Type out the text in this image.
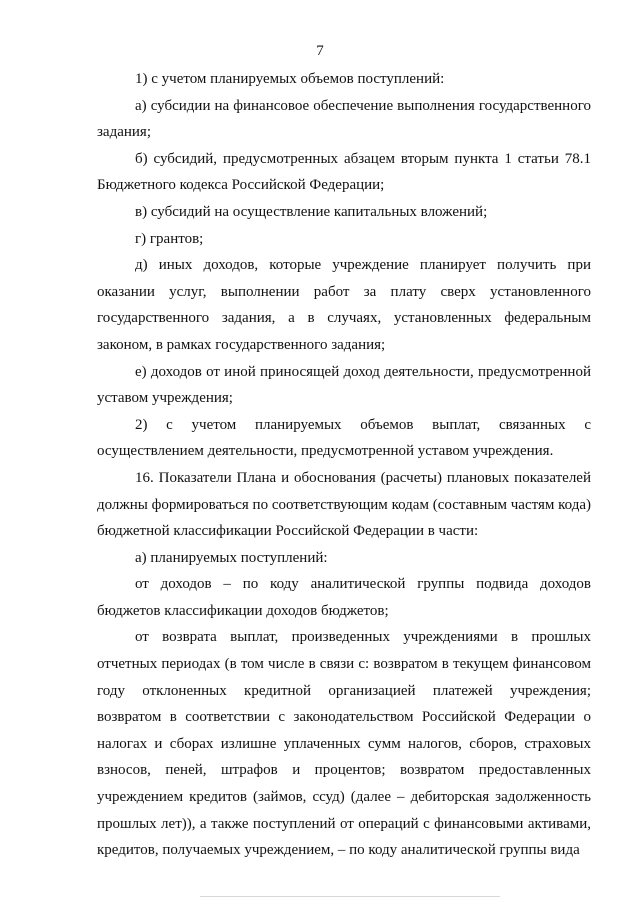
7

1) с учетом планируемых объемов поступлений:

а) субсидии на финансовое обеспечение выполнения государственного задания;

б) субсидий, предусмотренных абзацем вторым пункта 1 статьи 78.1 Бюджетного кодекса Российской Федерации;

в) субсидий на осуществление капитальных вложений;

г) грантов;

д) иных доходов, которые учреждение планирует получить при оказании услуг, выполнении работ за плату сверх установленного государственного задания, а в случаях, установленных федеральным законом, в рамках государственного задания;

е) доходов от иной приносящей доход деятельности, предусмотренной уставом учреждения;

2) с учетом планируемых объемов выплат, связанных с осуществлением деятельности, предусмотренной уставом учреждения.

16. Показатели Плана и обоснования (расчеты) плановых показателей должны формироваться по соответствующим кодам (составным частям кода) бюджетной классификации Российской Федерации в части:

а) планируемых поступлений:

от доходов – по коду аналитической группы подвида доходов бюджетов классификации доходов бюджетов;

от возврата выплат, произведенных учреждениями в прошлых отчетных периодах (в том числе в связи с: возвратом в текущем финансовом году отклоненных кредитной организацией платежей учреждения; возвратом в соответствии с законодательством Российской Федерации о налогах и сборах излишне уплаченных сумм налогов, сборов, страховых взносов, пеней, штрафов и процентов; возвратом предоставленных учреждением кредитов (займов, ссуд) (далее – дебиторская задолженность прошлых лет)), а также поступлений от операций с финансовыми активами, кредитов, получаемых учреждением, – по коду аналитической группы вида
